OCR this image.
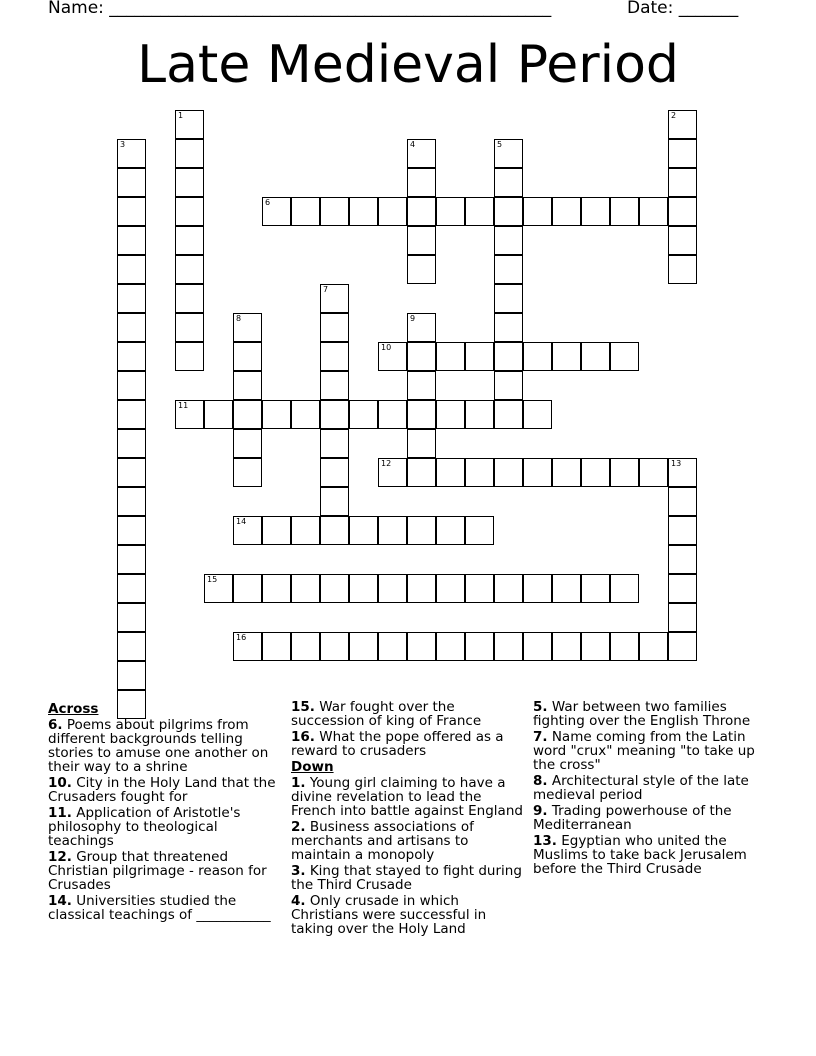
Name: ____________________________________________________	Date: _______
Late Medieval Period
1	2
3	4	5
6
7
8	9
10
11
12	13
14
15
16
Across
6. Poems about pilgrims from different backgrounds telling stories to amuse one another on their way to a shrine
10. City in the Holy Land that the Crusaders fought for
11. Application of Aristotle's philosophy to theological teachings
12. Group that threatened Christian pilgrimage - reason for Crusades
14. Universities studied the classical teachings of ___________
15. War fought over the succession of king of France
16. What the pope offered as a reward to crusaders
Down
1. Young girl claiming to have a divine revelation to lead the French into battle against England
2. Business associations of merchants and artisans to maintain a monopoly
3. King that stayed to fight during the Third Crusade
4. Only crusade in which Christians were successful in taking over the Holy Land
5. War between two families fighting over the English Throne
7. Name coming from the Latin word "crux" meaning "to take up the cross"
8. Architectural style of the late medieval period
9. Trading powerhouse of the Mediterranean
13. Egyptian who united the Muslims to take back Jerusalem before the Third Crusade
